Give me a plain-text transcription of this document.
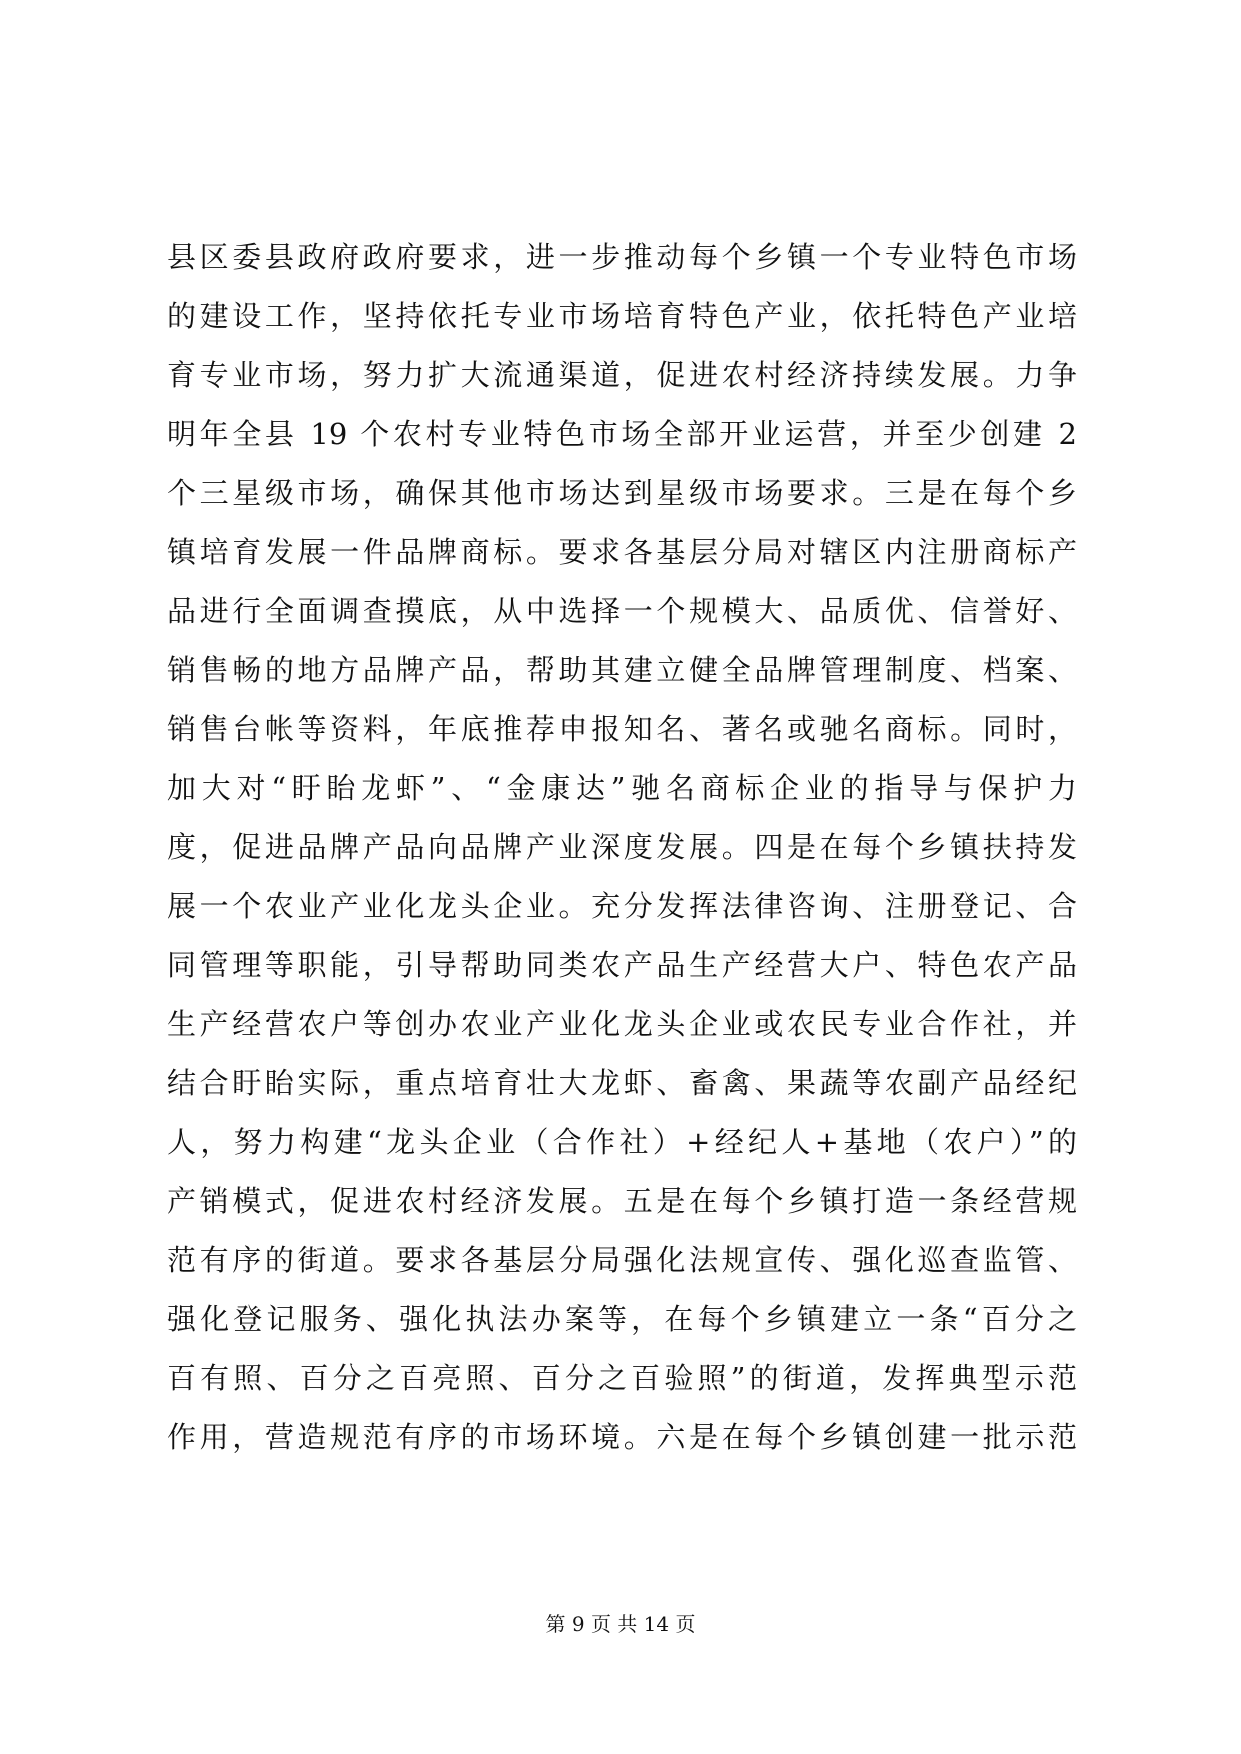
县区委县政府政府要求，进一步推动每个乡镇一个专业特色市场
的建设工作，坚持依托专业市场培育特色产业，依托特色产业培
育专业市场，努力扩大流通渠道，促进农村经济持续发展。力争
明年全县 19 个农村专业特色市场全部开业运营，并至少创建 2
个三星级市场，确保其他市场达到星级市场要求。三是在每个乡
镇培育发展一件品牌商标。要求各基层分局对辖区内注册商标产
品进行全面调查摸底，从中选择一个规模大、品质优、信誉好、
销售畅的地方品牌产品，帮助其建立健全品牌管理制度、档案、
销售台帐等资料，年底推荐申报知名、著名或驰名商标。同时，
加大对“盱眙龙虾”、“金康达”驰名商标企业的指导与保护力
度，促进品牌产品向品牌产业深度发展。四是在每个乡镇扶持发
展一个农业产业化龙头企业。充分发挥法律咨询、注册登记、合
同管理等职能，引导帮助同类农产品生产经营大户、特色农产品
生产经营农户等创办农业产业化龙头企业或农民专业合作社，并
结合盱眙实际，重点培育壮大龙虾、畜禽、果蔬等农副产品经纪
人，努力构建“龙头企业（合作社）+经纪人+基地（农户）”的
产销模式，促进农村经济发展。五是在每个乡镇打造一条经营规
范有序的街道。要求各基层分局强化法规宣传、强化巡查监管、
强化登记服务、强化执法办案等，在每个乡镇建立一条“百分之
百有照、百分之百亮照、百分之百验照”的街道，发挥典型示范
作用，营造规范有序的市场环境。六是在每个乡镇创建一批示范
第 9 页 共 14 页
